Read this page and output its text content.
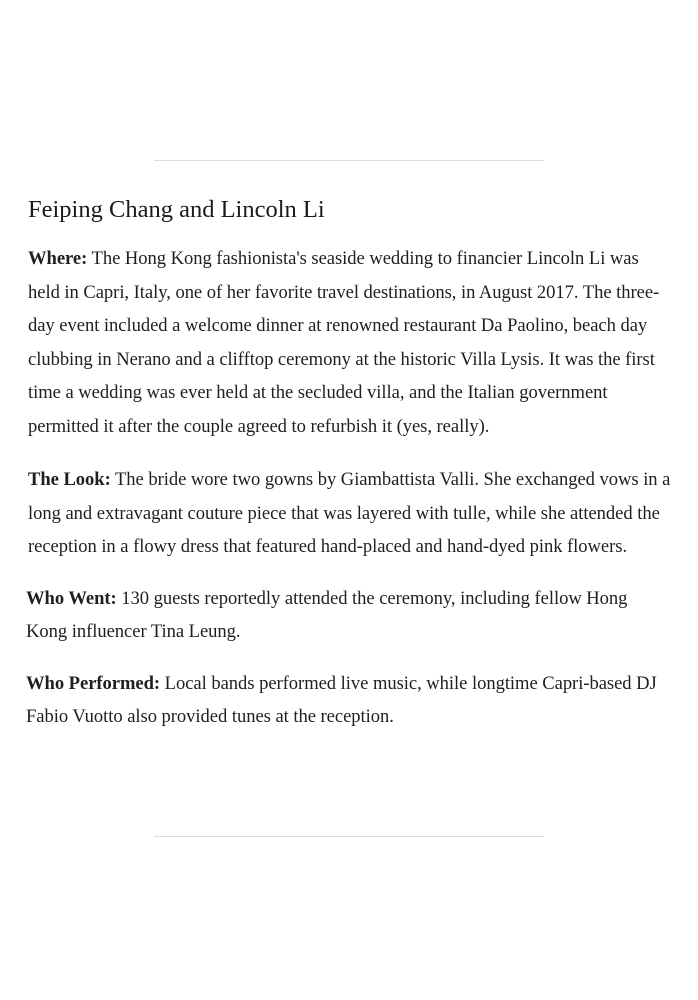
Feiping Chang and Lincoln Li

Where: The Hong Kong fashionista's seaside wedding to financier Lincoln Li was held in Capri, Italy, one of her favorite travel destinations, in August 2017. The three-day event included a welcome dinner at renowned restaurant Da Paolino, beach day clubbing in Nerano and a clifftop ceremony at the historic Villa Lysis. It was the first time a wedding was ever held at the secluded villa, and the Italian government permitted it after the couple agreed to refurbish it (yes, really).

The Look: The bride wore two gowns by Giambattista Valli. She exchanged vows in a long and extravagant couture piece that was layered with tulle, while she attended the reception in a flowy dress that featured hand-placed and hand-dyed pink flowers.

Who Went: 130 guests reportedly attended the ceremony, including fellow Hong Kong influencer Tina Leung.

Who Performed: Local bands performed live music, while longtime Capri-based DJ Fabio Vuotto also provided tunes at the reception.
